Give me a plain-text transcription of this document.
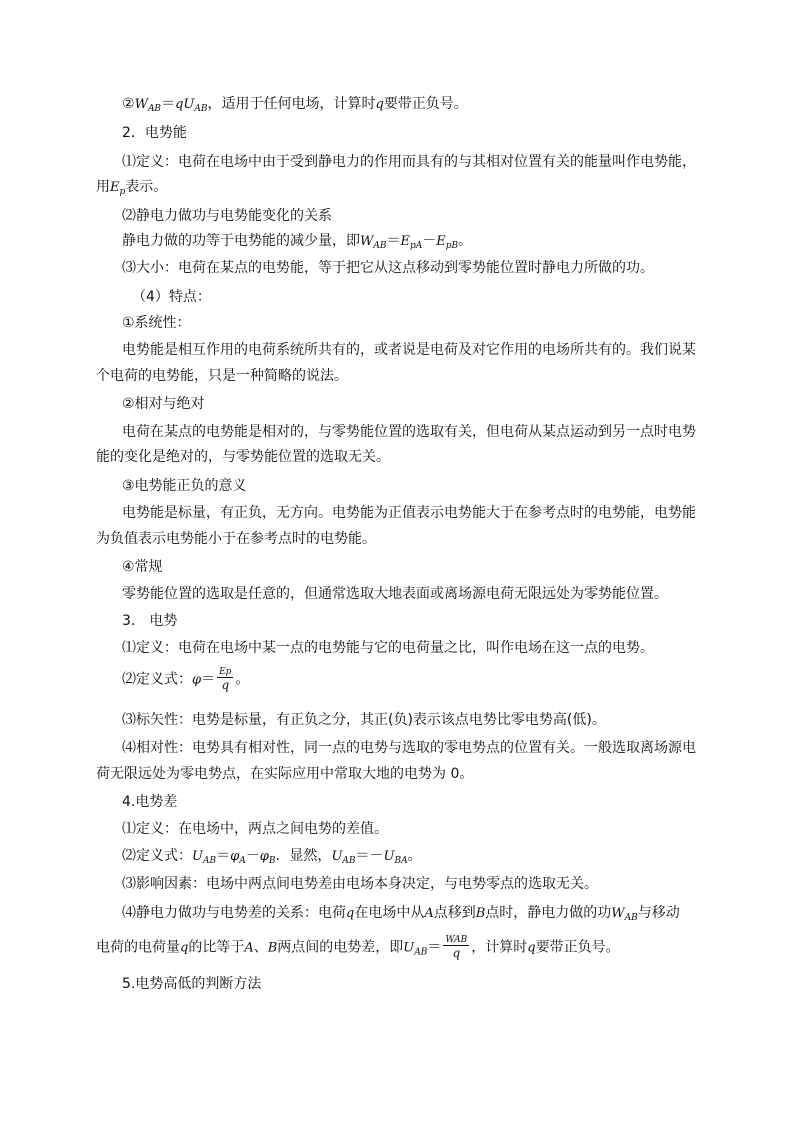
$②W_{AB}=qU_{AB}$，适用于任何电场，计算时q要带正负号。
2．电势能
⑴定义：电荷在电场中由于受到静电力的作用而具有的与其相对位置有关的能量叫作电势能，
用$E_p$表示。
⑵静电力做功与电势能变化的关系
静电力做的功等于电势能的减少量，即$W_{AB}=E_{pA}-E_{pB}$。
⑶大小：电荷在某点的电势能，等于把它从这点移动到零势能位置时静电力所做的功。
（4）特点：
①系统性：
电势能是相互作用的电荷系统所共有的，或者说是电荷及对它作用的电场所共有的。我们说某
个电荷的电势能，只是一种简略的说法。
②相对与绝对
电荷在某点的电势能是相对的，与零势能位置的选取有关，但电荷从某点运动到另一点时电势
能的变化是绝对的，与零势能位置的选取无关。
③电势能正负的意义
电势能是标量，有正负，无方向。电势能为正值表示电势能大于在参考点时的电势能，电势能
为负值表示电势能小于在参考点时的电势能。
④常规
零势能位置的选取是任意的，但通常选取大地表面或离场源电荷无限远处为零势能位置。
3.　电势
⑴定义：电荷在电场中某一点的电势能与它的电荷量之比，叫作电场在这一点的电势。
⑵定义式：$\varphi= \frac{Ep}{q}$ 。
⑶标矢性：电势是标量，有正负之分，其正(负)表示该点电势比零电势高(低)。
⑷相对性：电势具有相对性，同一点的电势与选取的零电势点的位置有关。一般选取离场源电
荷无限远处为零电势点，在实际应用中常取大地的电势为 0。
4.电势差
⑴定义：在电场中，两点之间电势的差值。
⑵定义式：$U_{AB}=\varphi_A-\varphi_B$．显然，$U_{AB}=-U_{BA}$。
⑶影响因素：电场中两点间电势差由电场本身决定，与电势零点的选取无关。
⑷静电力做功与电势差的关系：电荷q在电场中从A点移到B点时，静电力做的功$W_{AB}$与移动
电荷的电荷量q的比等于A、B两点间的电势差，即$U_{AB}= \frac{\text{WAB}}{q}$ ，计算时q要带正负号。
5.电势高低的判断方法
